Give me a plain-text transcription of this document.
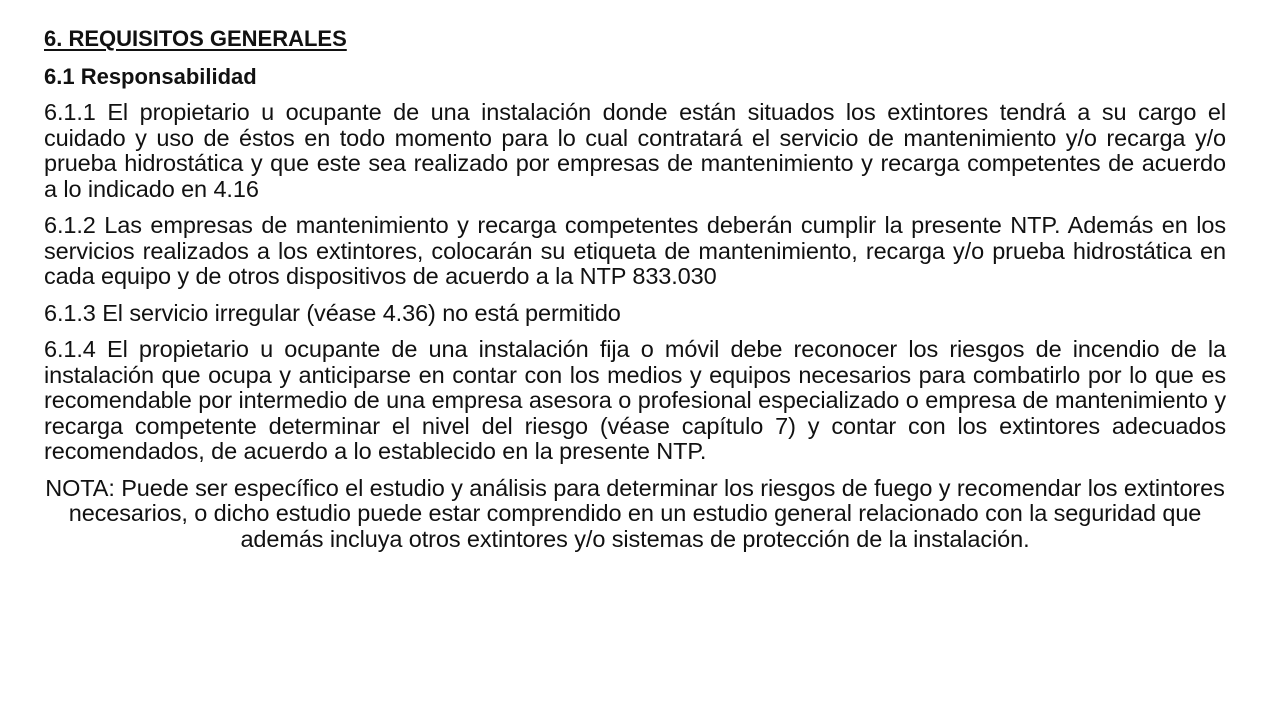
6. REQUISITOS GENERALES

6.1 Responsabilidad

6.1.1 El propietario u ocupante de una instalación donde están situados los extintores tendrá a su cargo el cuidado y uso de éstos en todo momento para lo cual contratará el servicio de mantenimiento y/o recarga y/o prueba hidrostática y que este sea realizado por empresas de mantenimiento y recarga competentes de acuerdo a lo indicado en 4.16

6.1.2 Las empresas de mantenimiento y recarga competentes deberán cumplir la presente NTP. Además en los servicios realizados a los extintores, colocarán su etiqueta de mantenimiento, recarga y/o prueba hidrostática en cada equipo y de otros dispositivos de acuerdo a la NTP 833.030

6.1.3 El servicio irregular (véase 4.36) no está permitido

6.1.4 El propietario u ocupante de una instalación fija o móvil debe reconocer los riesgos de incendio de la instalación que ocupa y anticiparse en contar con los medios y equipos necesarios para combatirlo por lo que es recomendable por intermedio de una empresa asesora o profesional especializado o empresa de mantenimiento y recarga competente determinar el nivel del riesgo (véase capítulo 7) y contar con los extintores adecuados recomendados, de acuerdo a lo establecido en la presente NTP.

NOTA: Puede ser específico el estudio y análisis para determinar los riesgos de fuego y recomendar los extintores necesarios, o dicho estudio puede estar comprendido en un estudio general relacionado con la seguridad que además incluya otros extintores y/o sistemas de protección de la instalación.
